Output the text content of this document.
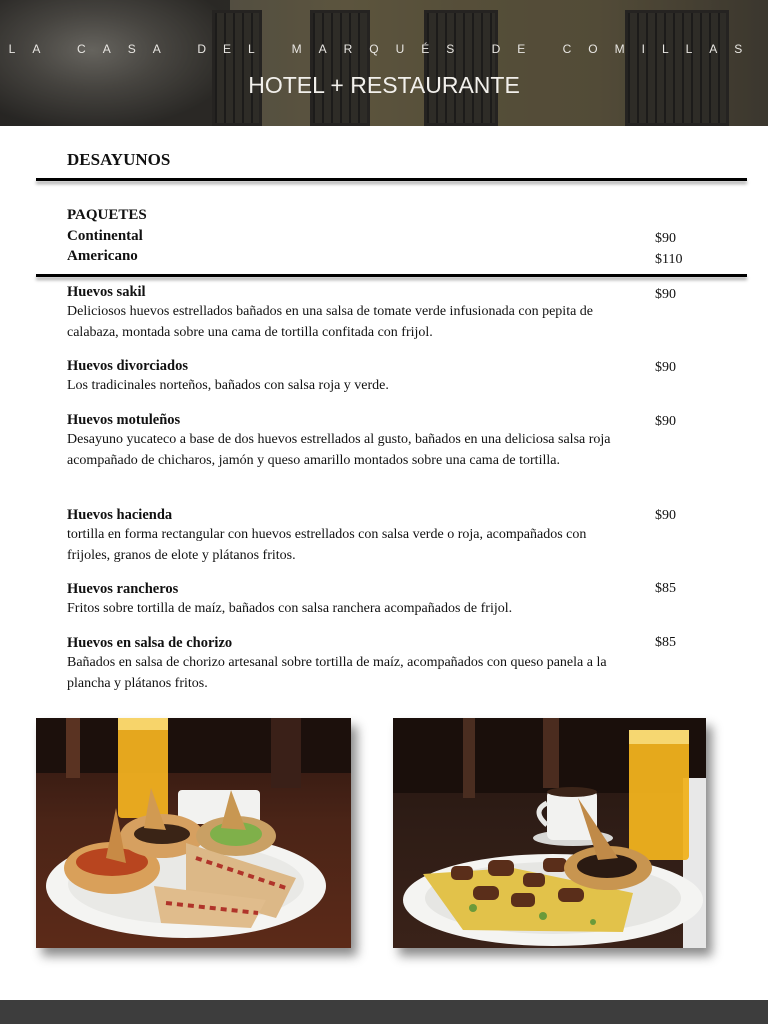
LA CASA DEL MARQUÉS DE COMILLAS
HOTEL + RESTAURANTE
DESAYUNOS
PAQUETES
Continental	$90
Americano	$110
Huevos sakil
Deliciosos huevos estrellados bañados en una salsa de tomate verde infusionada con pepita de calabaza, montada sobre una cama de tortilla confitada con frijol.
$90
Huevos divorciados
Los tradicinales norteños, bañados con salsa roja y verde.
$90
Huevos motuleños
Desayuno yucateco a base de dos huevos estrellados al gusto, bañados en una deliciosa salsa roja acompañado de chicharos, jamón y queso amarillo montados sobre una cama de tortilla.
$90
Huevos hacienda
tortilla en forma rectangular con huevos estrellados con salsa verde o roja, acompañados con frijoles, granos de elote y plátanos fritos.
$90
Huevos rancheros
Fritos sobre tortilla de maíz, bañados con salsa ranchera acompañados de frijol.
$85
Huevos en salsa de chorizo
Bañados en salsa de chorizo artesanal sobre tortilla de maíz, acompañados con queso panela a la plancha y plátanos fritos.
$85
